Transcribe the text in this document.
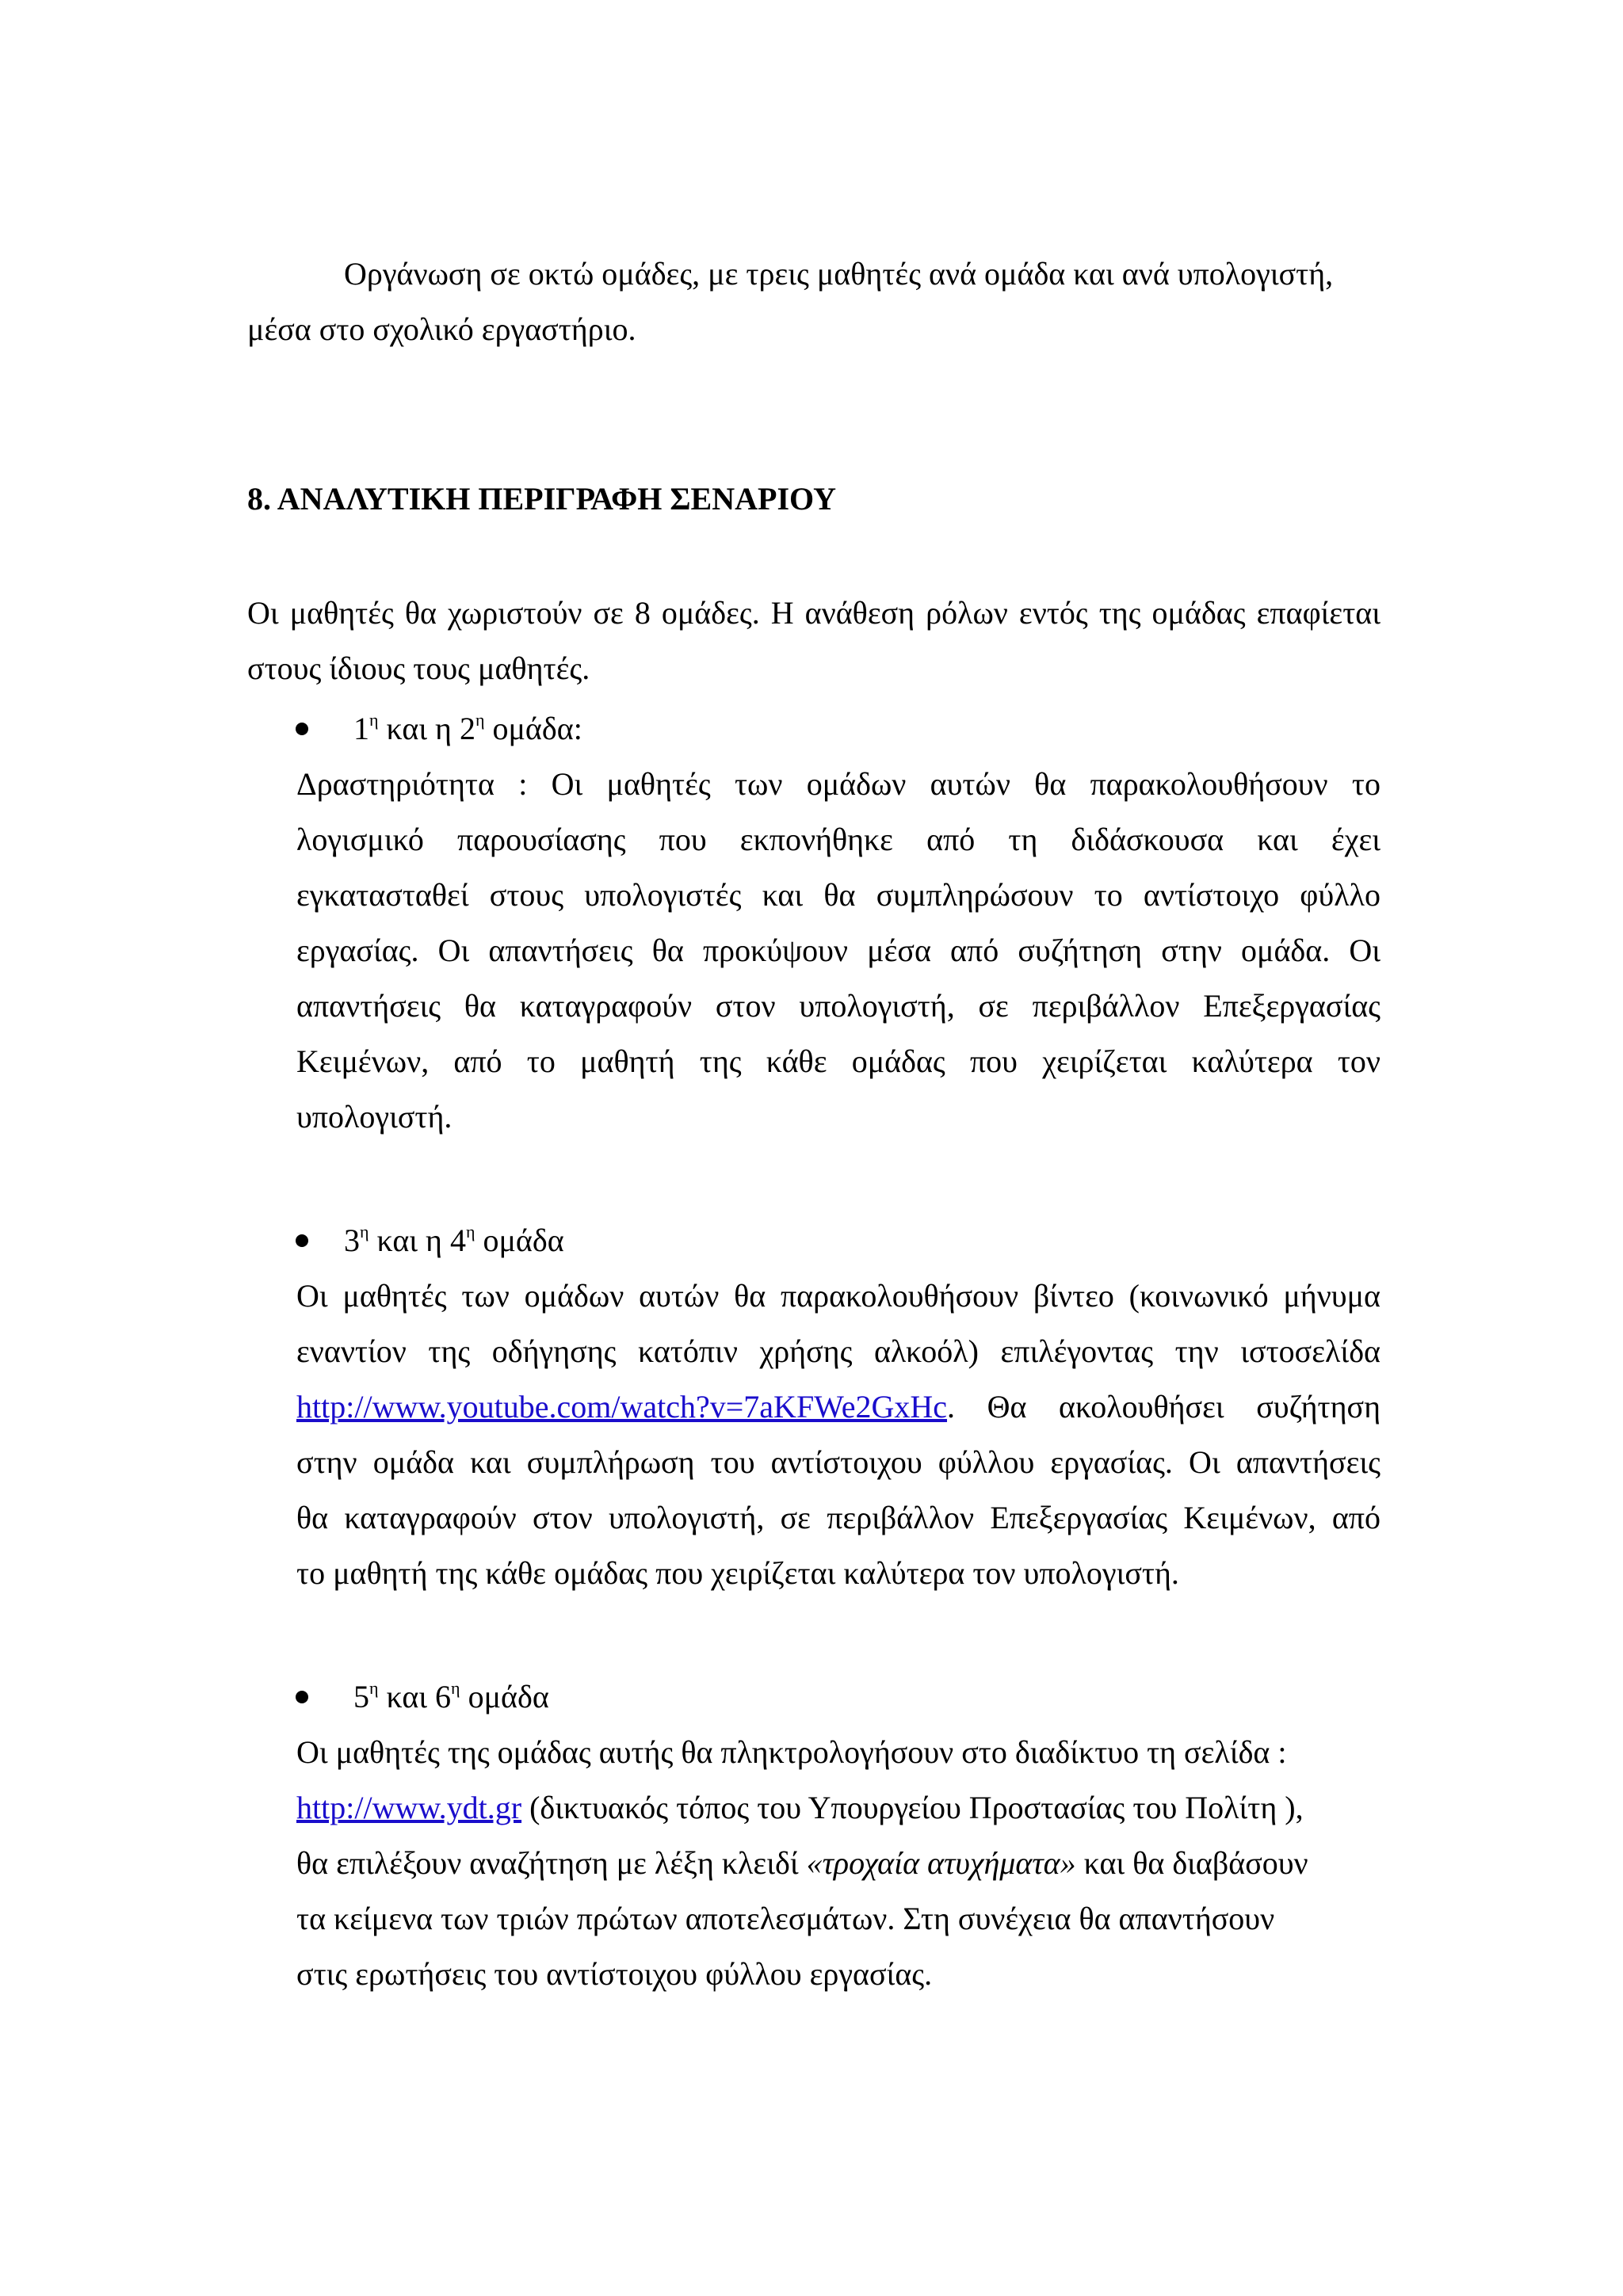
Οργάνωση σε οκτώ ομάδες, με τρεις μαθητές ανά ομάδα και ανά υπολογιστή,
μέσα στο σχολικό εργαστήριο.
8. ΑΝΑΛΥΤΙΚΗ ΠΕΡΙΓΡΑΦΗ ΣΕΝΑΡΙΟΥ
Οι μαθητές θα χωριστούν σε 8 ομάδες. Η ανάθεση ρόλων εντός της ομάδας επαφίεται
στους ίδιους τους μαθητές.
$1^\eta$ και η $2^\eta$ ομάδα:
Δραστηριότητα : Οι μαθητές των ομάδων αυτών θα παρακολουθήσουν το
λογισμικό παρουσίασης που εκπονήθηκε από τη διδάσκουσα και έχει
εγκατασταθεί στους υπολογιστές και θα συμπληρώσουν το αντίστοιχο φύλλο
εργασίας. Οι απαντήσεις θα προκύψουν μέσα από συζήτηση στην ομάδα. Οι
απαντήσεις θα καταγραφούν στον υπολογιστή, σε περιβάλλον Επεξεργασίας
Κειμένων, από το μαθητή της κάθε ομάδας που χειρίζεται καλύτερα τον
υπολογιστή.
$3^\eta$ και η $4^\eta$ ομάδα
Οι μαθητές των ομάδων αυτών θα παρακολουθήσουν βίντεο (κοινωνικό μήνυμα
εναντίον της οδήγησης κατόπιν χρήσης αλκοόλ) επιλέγοντας την ιστοσελίδα
http://www.youtube.com/watch?v=7aKFWe2GxHc. Θα ακολουθήσει συζήτηση
στην ομάδα και συμπλήρωση του αντίστοιχου φύλλου εργασίας. Οι απαντήσεις
θα καταγραφούν στον υπολογιστή, σε περιβάλλον Επεξεργασίας Κειμένων, από
το μαθητή της κάθε ομάδας που χειρίζεται καλύτερα τον υπολογιστή.
$5^\eta$ και $6^\eta$ ομάδα
Οι μαθητές της ομάδας αυτής θα πληκτρολογήσουν στο διαδίκτυο τη σελίδα :
http://www.ydt.gr (δικτυακός τόπος του Υπουργείου Προστασίας του Πολίτη ),
θα επιλέξουν αναζήτηση με λέξη κλειδί «τροχαία ατυχήματα» και θα διαβάσουν
τα κείμενα των τριών πρώτων αποτελεσμάτων. Στη συνέχεια θα απαντήσουν
στις ερωτήσεις του αντίστοιχου φύλλου εργασίας.
